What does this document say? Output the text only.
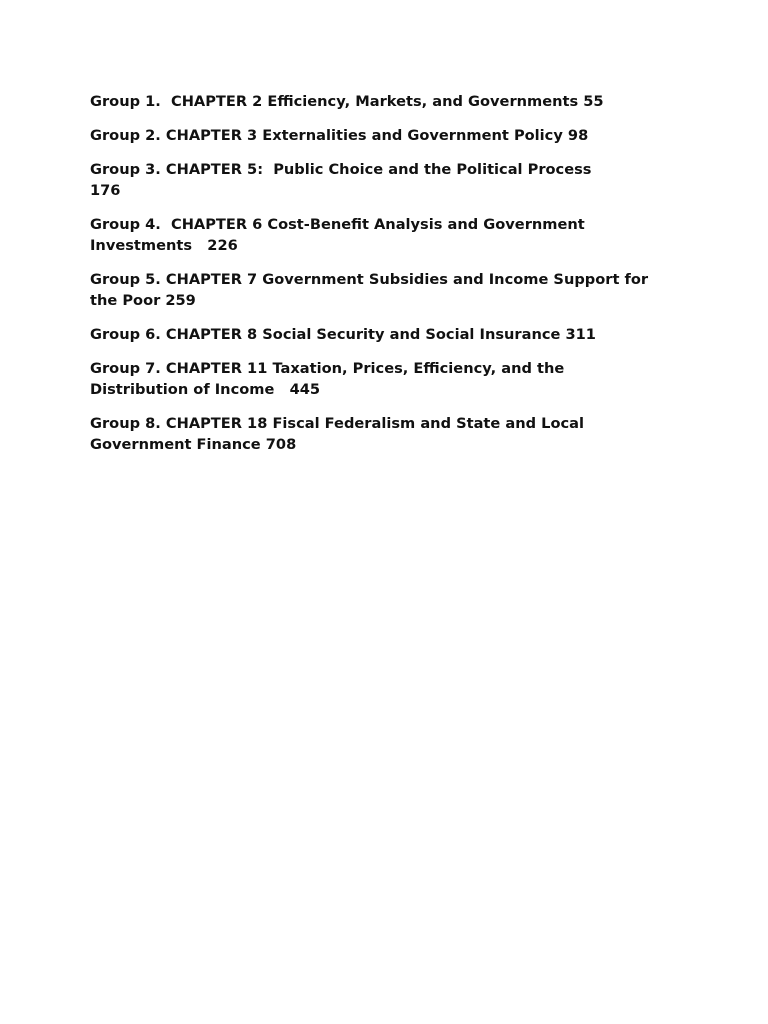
Group 1.  CHAPTER 2 Efficiency, Markets, and Governments 55

Group 2. CHAPTER 3 Externalities and Government Policy 98

Group 3. CHAPTER 5:  Public Choice and the Political Process
176

Group 4.  CHAPTER 6 Cost-Benefit Analysis and Government
Investments   226

Group 5. CHAPTER 7 Government Subsidies and Income Support for
the Poor 259

Group 6. CHAPTER 8 Social Security and Social Insurance 311

Group 7. CHAPTER 11 Taxation, Prices, Efficiency, and the
Distribution of Income   445

Group 8. CHAPTER 18 Fiscal Federalism and State and Local
Government Finance 708
